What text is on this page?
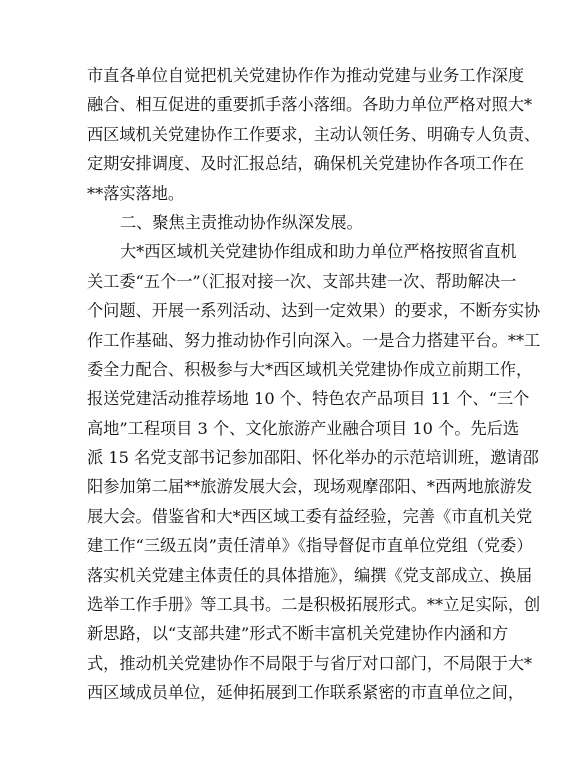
市直各单位自觉把机关党建协作作为推动党建与业务工作深度
融合、相互促进的重要抓手落小落细。各助力单位严格对照大*
西区域机关党建协作工作要求，主动认领任务、明确专人负责、
定期安排调度、及时汇报总结，确保机关党建协作各项工作在
**落实落地。
二、聚焦主责推动协作纵深发展。
大*西区域机关党建协作组成和助力单位严格按照省直机
关工委“五个一”（汇报对接一次、支部共建一次、帮助解决一
个问题、开展一系列活动、达到一定效果）的要求，不断夯实协
作工作基础、努力推动协作引向深入。一是合力搭建平台。**工
委全力配合、积极参与大*西区域机关党建协作成立前期工作，
报送党建活动推荐场地 10 个、特色农产品项目 11 个、“三个
高地”工程项目 3 个、文化旅游产业融合项目 10 个。先后选
派 15 名党支部书记参加邵阳、怀化举办的示范培训班，邀请邵
阳参加第二届**旅游发展大会，现场观摩邵阳、*西两地旅游发
展大会。借鉴省和大*西区域工委有益经验，完善《市直机关党
建工作“三级五岗”责任清单》《指导督促市直单位党组（党委）
落实机关党建主体责任的具体措施》，编撰《党支部成立、换届
选举工作手册》等工具书。二是积极拓展形式。**立足实际，创
新思路，以“支部共建”形式不断丰富机关党建协作内涵和方
式，推动机关党建协作不局限于与省厅对口部门，不局限于大*
西区域成员单位，延伸拓展到工作联系紧密的市直单位之间，
